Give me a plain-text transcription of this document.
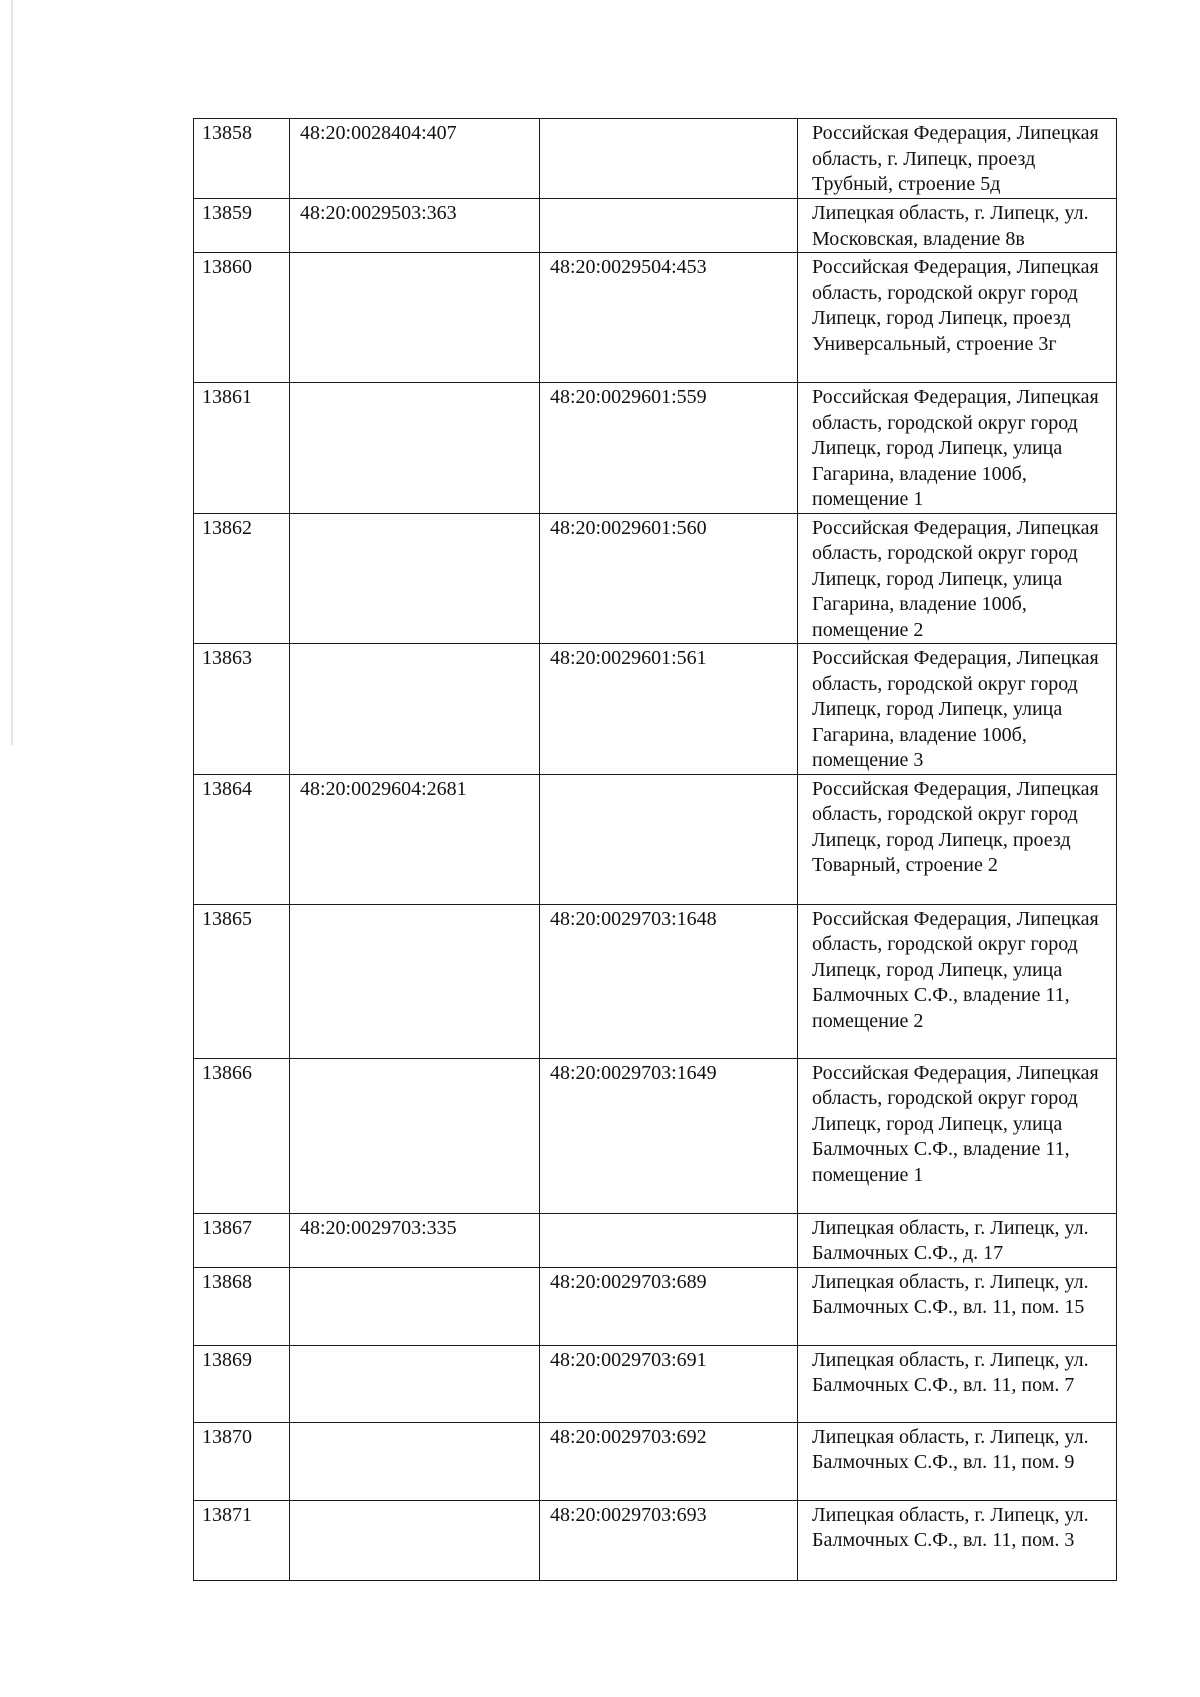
13858	48:20:0028404:407		Российская Федерация, Липецкая область, г. Липецк, проезд Трубный, строение 5д

13859	48:20:0029503:363		Липецкая область, г. Липецк, ул. Московская, владение 8в

13860		48:20:0029504:453	Российская Федерация, Липецкая область, городской округ город Липецк, город Липецк, проезд Универсальный, строение 3г

13861		48:20:0029601:559	Российская Федерация, Липецкая область, городской округ город Липецк, город Липецк, улица Гагарина, владение 100б, помещение 1

13862		48:20:0029601:560	Российская Федерация, Липецкая область, городской округ город Липецк, город Липецк, улица Гагарина, владение 100б, помещение 2

13863		48:20:0029601:561	Российская Федерация, Липецкая область, городской округ город Липецк, город Липецк, улица Гагарина, владение 100б, помещение 3

13864	48:20:0029604:2681		Российская Федерация, Липецкая область, городской округ город Липецк, город Липецк, проезд Товарный, строение 2

13865		48:20:0029703:1648	Российская Федерация, Липецкая область, городской округ город Липецк, город Липецк, улица Балмочных С.Ф., владение 11, помещение 2

13866		48:20:0029703:1649	Российская Федерация, Липецкая область, городской округ город Липецк, город Липецк, улица Балмочных С.Ф., владение 11, помещение 1

13867	48:20:0029703:335		Липецкая область, г. Липецк, ул. Балмочных С.Ф., д. 17

13868		48:20:0029703:689	Липецкая область, г. Липецк, ул. Балмочных С.Ф., вл. 11, пом. 15

13869		48:20:0029703:691	Липецкая область, г. Липецк, ул. Балмочных С.Ф., вл. 11, пом. 7

13870		48:20:0029703:692	Липецкая область, г. Липецк, ул. Балмочных С.Ф., вл. 11, пом. 9

13871		48:20:0029703:693	Липецкая область, г. Липецк, ул. Балмочных С.Ф., вл. 11, пом. 3
